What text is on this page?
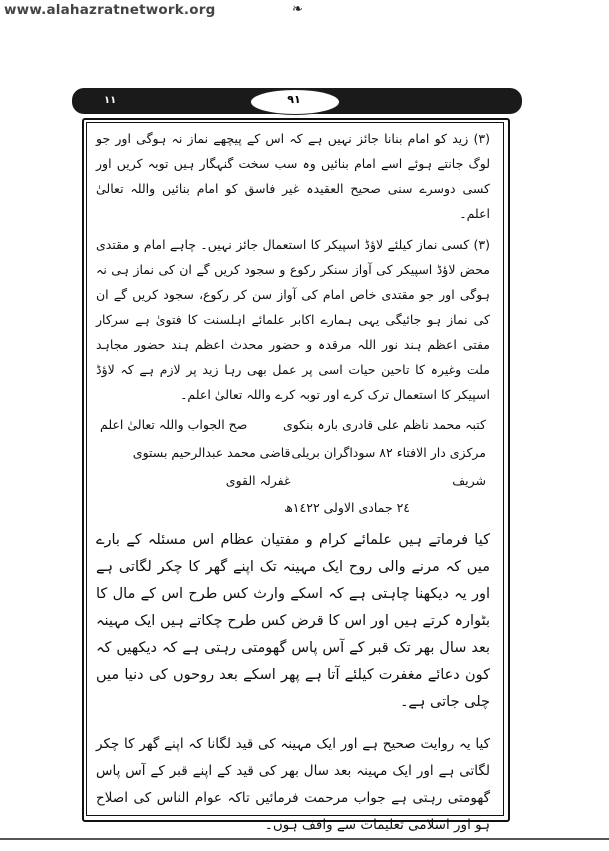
www.alahazratnetwork.org	❧
٩١
١١

(٣) زید کو امام بنانا جائز نہیں ہے کہ اس کے پیچھے نماز نہ ہوگی اور جو لوگ جانتے ہوئے اسے امام بنائیں وہ سب سخت گنہگار ہیں توبہ کریں اور کسی دوسرے سنی صحیح العقیدہ غیر فاسق کو امام بنائیں واللہ تعالیٰ اعلم۔

(٣) کسی نماز کیلئے لاؤڈ اسپیکر کا استعمال جائز نہیں۔ چاہے امام و مقتدی محض لاؤڈ اسپیکر کی آواز سنکر رکوع و سجود کریں گے ان کی نماز ہی نہ ہوگی اور جو مقتدی خاص امام کی آواز سن کر رکوع، سجود کریں گے ان کی نماز ہو جائیگی یہی ہمارے اکابر علمائے اہلسنت کا فتویٰ ہے سرکار مفتی اعظم ہند نور اللہ مرقدہ و حضور محدث اعظم ہند حضور مجاہد ملت وغیرہ کا تاحین حیات اسی پر عمل بھی رہا زید پر لازم ہے کہ لاؤڈ اسپیکر کا استعمال ترک کرے اور توبہ کرے واللہ تعالیٰ اعلم۔

کتبہ محمد ناظم علی قادری بارہ بنکوی
صح الجواب واللہ تعالیٰ اعلم
مرکزی دار الافتاء ٨٢ سوداگران بریلی شریف
قاضی محمد عبدالرحیم بستوی غفرلہ القوی

٢٤ جمادی الاولی ١٤٢٢ھ

کیا فرماتے ہیں علمائے کرام و مفتیان عظام اس مسئلہ کے بارے میں کہ مرنے والی روح ایک مہینہ تک اپنے گھر کا چکر لگاتی ہے اور یہ دیکھنا چاہتی ہے کہ اسکے وارث کس طرح اس کے مال کا بٹوارہ کرتے ہیں اور اس کا قرض کس طرح چکاتے ہیں ایک مہینہ بعد سال بھر تک قبر کے آس پاس گھومتی رہتی ہے کہ دیکھیں کہ کون دعائے مغفرت کیلئے آتا ہے پھر اسکے بعد روحوں کی دنیا میں چلی جاتی ہے۔

کیا یہ روایت صحیح ہے اور ایک مہینہ کی قید لگانا کہ اپنے گھر کا چکر لگاتی ہے اور ایک مہینہ بعد سال بھر کی قید کے اپنے قبر کے آس پاس گھومتی رہتی ہے جواب مرحمت فرمائیں تاکہ عوام الناس کی اصلاح ہو اور اسلامی تعلیمات سے واقف ہوں۔
